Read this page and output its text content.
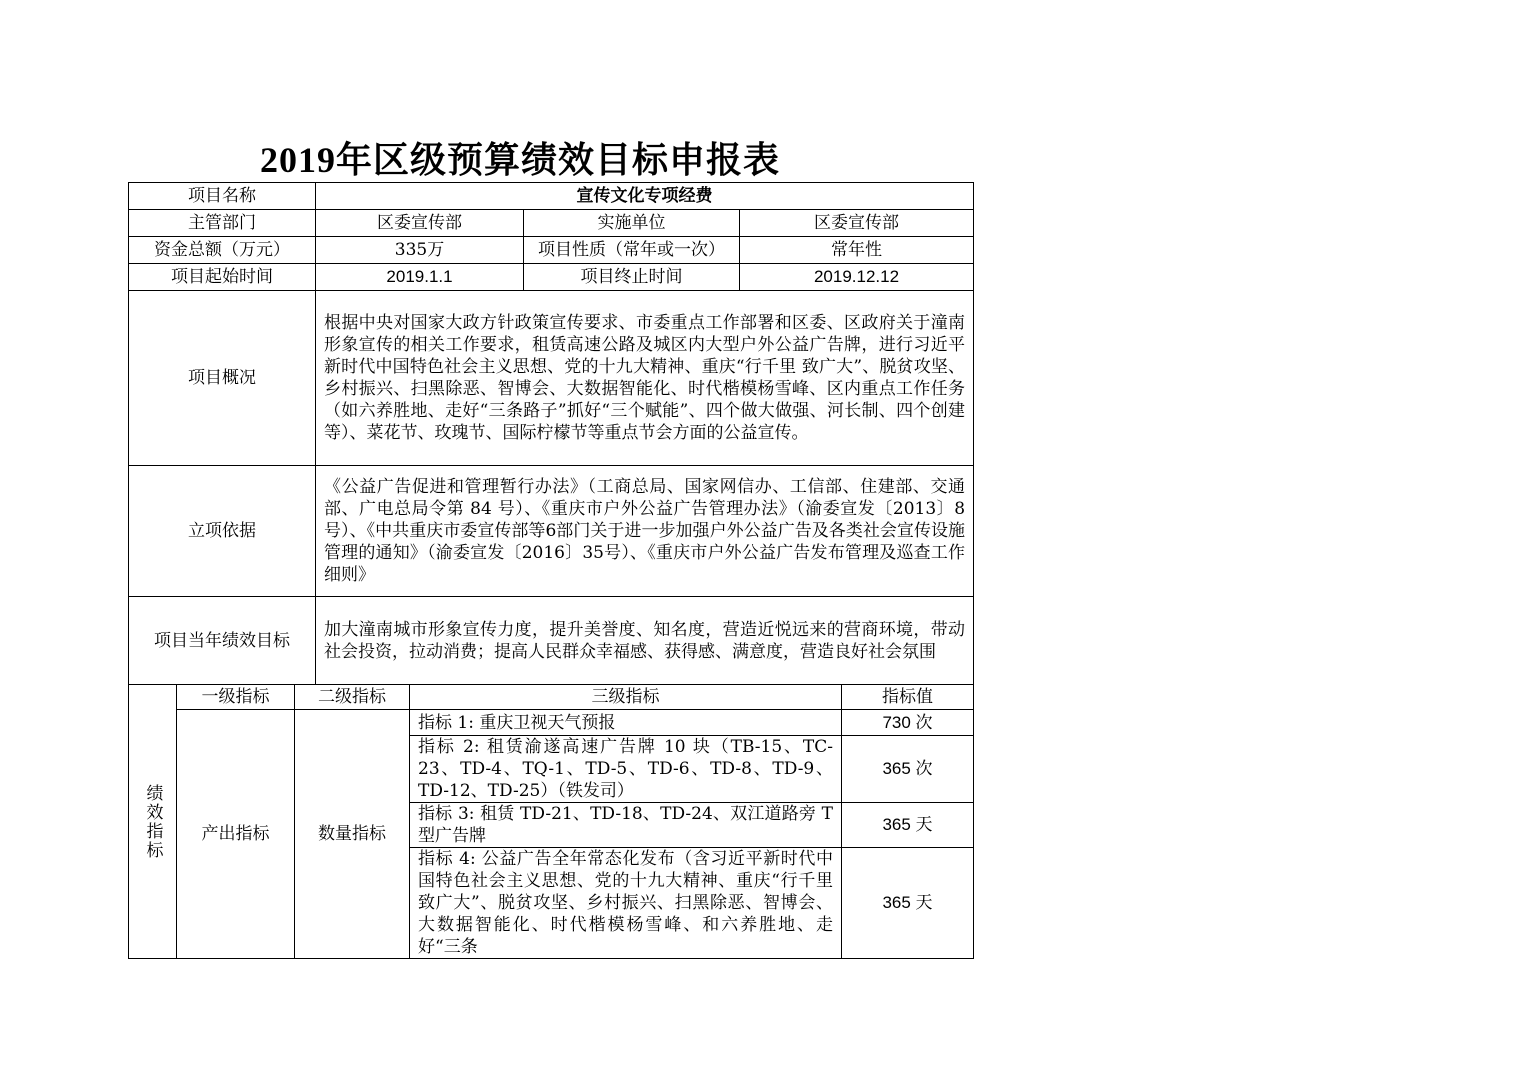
2019年区级预算绩效目标申报表
项目名称	宣传文化专项经费		
主管部门	区委宣传部	实施单位	区委宣传部
资金总额（万元）	335万	项目性质（常年或一次）	常年性
项目起始时间	2019.1.1	项目终止时间	2019.12.12
项目概况	根据中央对国家大政方针政策宣传要求、市委重点工作部署和区委、区政府关于潼南形象宣传的相关工作要求，租赁高速公路及城区内大型户外公益广告牌，进行习近平新时代中国特色社会主义思想、党的十九大精神、重庆“行千里 致广大”、脱贫攻坚、乡村振兴、扫黑除恶、智博会、大数据智能化、时代楷模杨雪峰、区内重点工作任务（如六养胜地、走好“三条路子”抓好“三个赋能”、四个做大做强、河长制、四个创建等）、菜花节、玫瑰节、国际柠檬节等重点节会方面的公益宣传。		
立项依据	《公益广告促进和管理暂行办法》（工商总局、国家网信办、工信部、住建部、交通部、广电总局令第 84 号）、《重庆市户外公益广告管理办法》（渝委宣发〔2013〕8号）、《中共重庆市委宣传部等6部门关于进一步加强户外公益广告及各类社会宣传设施管理的通知》（渝委宣发〔2016〕35号）、《重庆市户外公益广告发布管理及巡查工作细则》		
项目当年绩效目标	加大潼南城市形象宣传力度，提升美誉度、知名度，营造近悦远来的营商环境，带动社会投资，拉动消费；提高人民群众幸福感、获得感、满意度，营造良好社会氛围		
绩效指标	一级指标	二级指标	三级指标	指标值
	产出指标	数量指标	指标 1: 重庆卫视天气预报	730 次
			指标 2: 租赁渝遂高速广告牌 10 块（TB-15、TC-23、TD-4、TQ-1、TD-5、TD-6、TD-8、TD-9、TD-12、TD-25）（铁发司）	365 次
			指标 3: 租赁 TD-21、TD-18、TD-24、双江道路旁 T 型广告牌	365 天
			指标 4: 公益广告全年常态化发布（含习近平新时代中国特色社会主义思想、党的十九大精神、重庆“行千里 致广大”、脱贫攻坚、乡村振兴、扫黑除恶、智博会、大数据智能化、时代楷模杨雪峰、和六养胜地、走好“三条	365 天
